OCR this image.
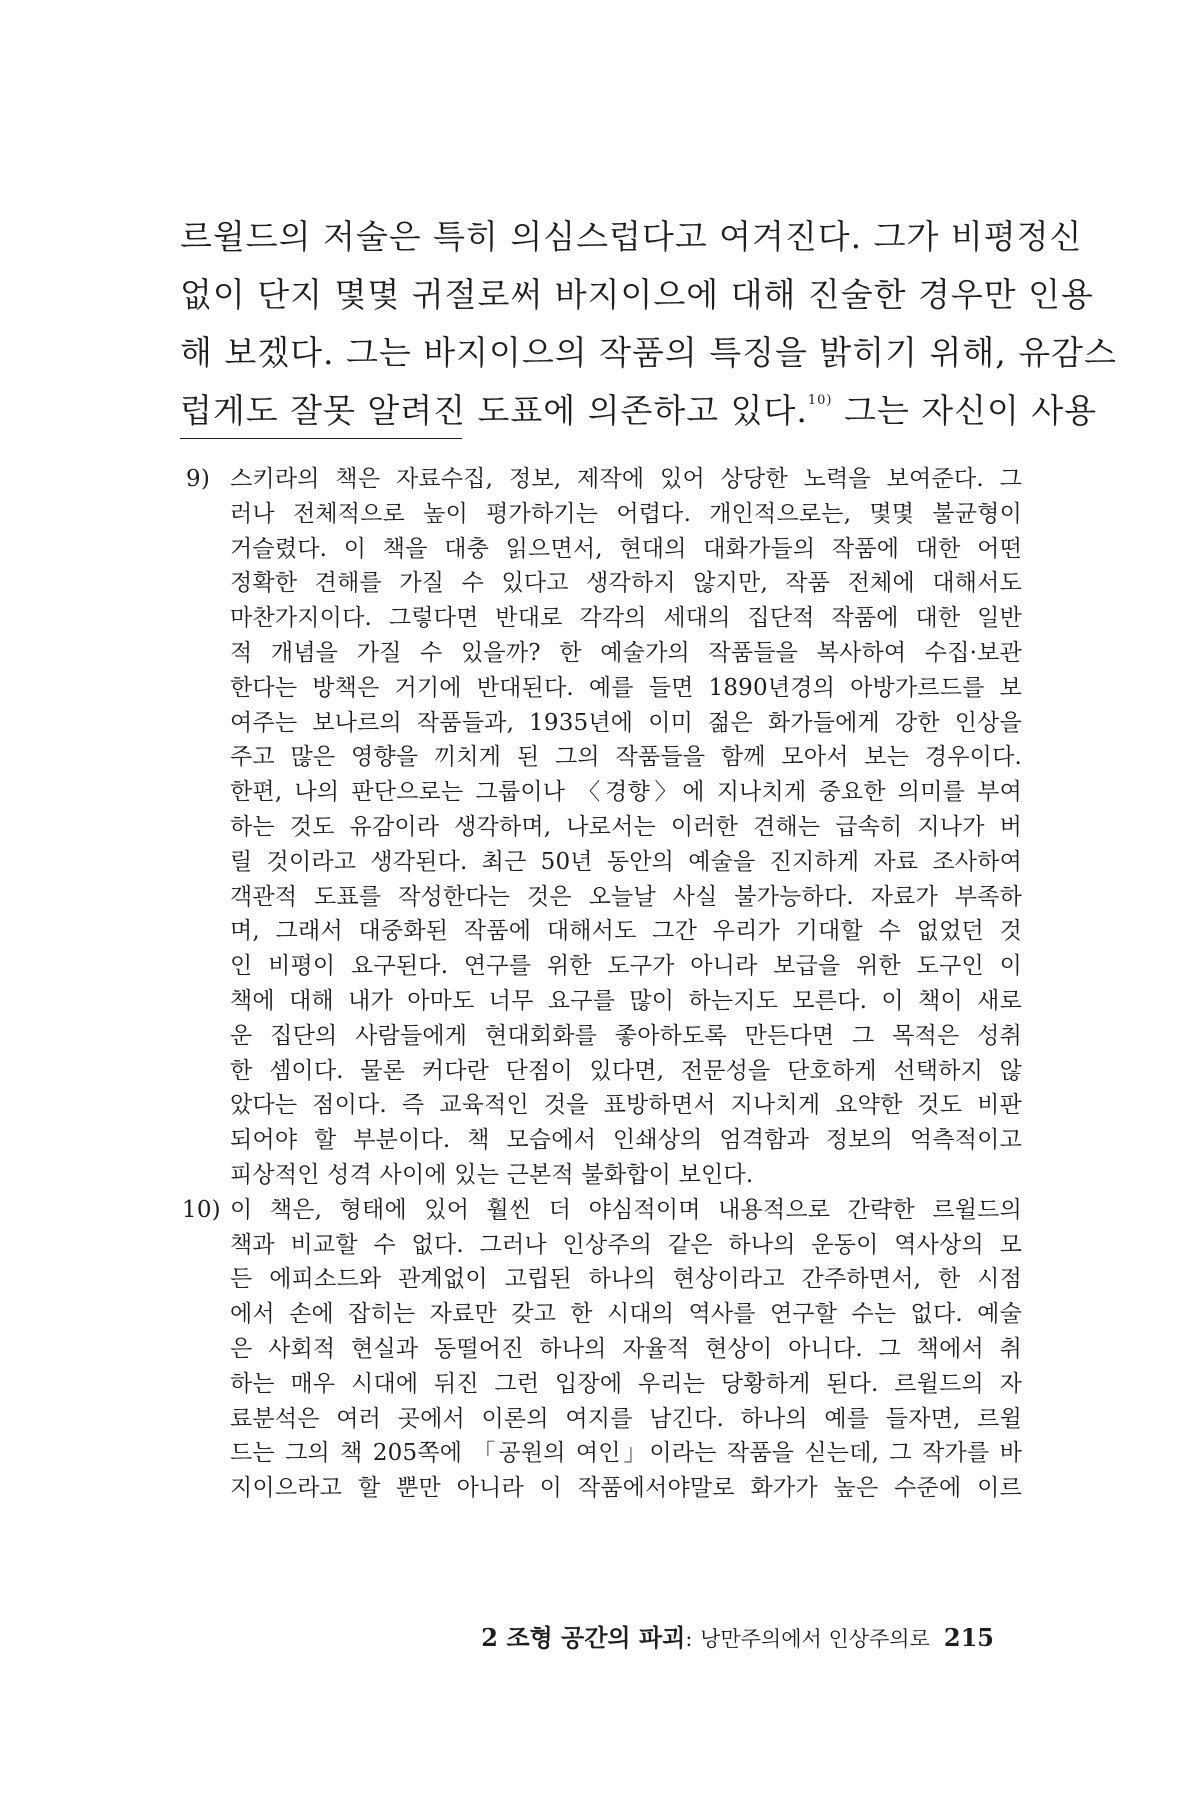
르윌드의 저술은 특히 의심스럽다고 여겨진다. 그가 비평정신
없이 단지 몇몇 귀절로써 바지이으에 대해 진술한 경우만 인용
해 보겠다. 그는 바지이으의 작품의 특징을 밝히기 위해, 유감스
럽게도 잘못 알려진 도표에 의존하고 있다.$^{10)}$ 그는 자신이 사용
9) 스키라의 책은 자료수집, 정보, 제작에 있어 상당한 노력을 보여준다. 그
러나 전체적으로 높이 평가하기는 어렵다. 개인적으로는, 몇몇 불균형이
거슬렸다. 이 책을 대충 읽으면서, 현대의 대화가들의 작품에 대한 어떤
정확한 견해를 가질 수 있다고 생각하지 않지만, 작품 전체에 대해서도
마찬가지이다. 그렇다면 반대로 각각의 세대의 집단적 작품에 대한 일반
적 개념을 가질 수 있을까? 한 예술가의 작품들을 복사하여 수집·보관
한다는 방책은 거기에 반대된다. 예를 들면 1890년경의 아방가르드를 보
여주는 보나르의 작품들과, 1935년에 이미 젊은 화가들에게 강한 인상을
주고 많은 영향을 끼치게 된 그의 작품들을 함께 모아서 보는 경우이다.
한편, 나의 판단으로는 그룹이나 〈경향〉에 지나치게 중요한 의미를 부여
하는 것도 유감이라 생각하며, 나로서는 이러한 견해는 급속히 지나가 버
릴 것이라고 생각된다. 최근 50년 동안의 예술을 진지하게 자료 조사하여
객관적 도표를 작성한다는 것은 오늘날 사실 불가능하다. 자료가 부족하
며, 그래서 대중화된 작품에 대해서도 그간 우리가 기대할 수 없었던 것
인 비평이 요구된다. 연구를 위한 도구가 아니라 보급을 위한 도구인 이
책에 대해 내가 아마도 너무 요구를 많이 하는지도 모른다. 이 책이 새로
운 집단의 사람들에게 현대회화를 좋아하도록 만든다면 그 목적은 성취
한 셈이다. 물론 커다란 단점이 있다면, 전문성을 단호하게 선택하지 않
았다는 점이다. 즉 교육적인 것을 표방하면서 지나치게 요약한 것도 비판
되어야 할 부분이다. 책 모습에서 인쇄상의 엄격함과 정보의 억측적이고
피상적인 성격 사이에 있는 근본적 불화합이 보인다.
10) 이 책은, 형태에 있어 훨씬 더 야심적이며 내용적으로 간략한 르윌드의
책과 비교할 수 없다. 그러나 인상주의 같은 하나의 운동이 역사상의 모
든 에피소드와 관계없이 고립된 하나의 현상이라고 간주하면서, 한 시점
에서 손에 잡히는 자료만 갖고 한 시대의 역사를 연구할 수는 없다. 예술
은 사회적 현실과 동떨어진 하나의 자율적 현상이 아니다. 그 책에서 취
하는 매우 시대에 뒤진 그런 입장에 우리는 당황하게 된다. 르윌드의 자
료분석은 여러 곳에서 이론의 여지를 남긴다. 하나의 예를 들자면, 르윌
드는 그의 책 205쪽에 「공원의 여인」이라는 작품을 싣는데, 그 작가를 바
지이으라고 할 뿐만 아니라 이 작품에서야말로 화가가 높은 수준에 이르
2 조형 공간의 파괴: 낭만주의에서 인상주의로 215
